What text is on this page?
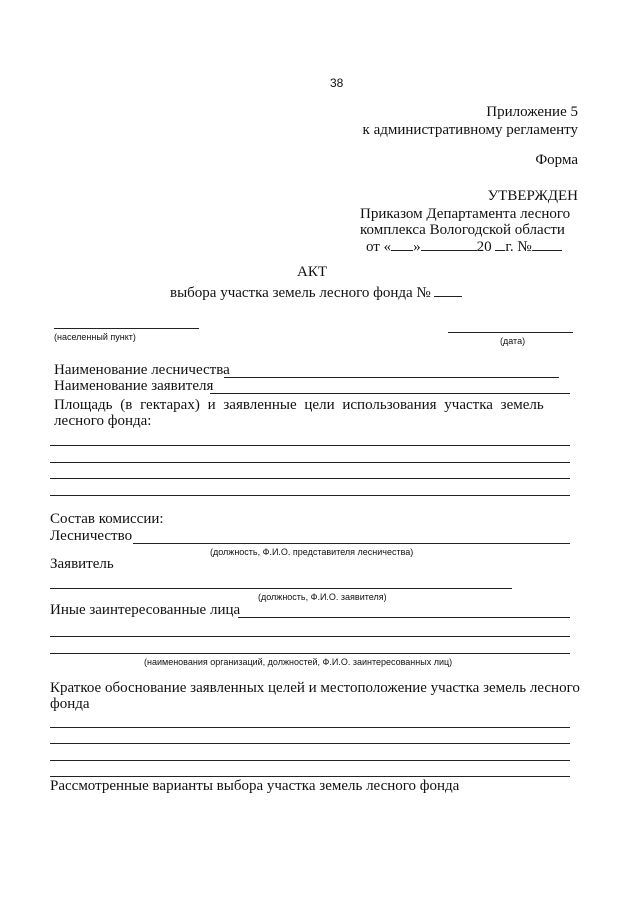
38
Приложение 5
к административному регламенту
Форма
УТВЕРЖДЕН
Приказом Департамента лесного
комплекса Вологодской области
от « »	20 г. №
АКТ
выбора участка земель лесного фонда №
(населенный пункт)	(дата)
Наименование лесничества
Наименование заявителя
Площадь (в гектарах) и заявленные цели использования участка земель
лесного фонда:
Состав комиссии:
Лесничество
(должность, Ф.И.О. представителя лесничества)
Заявитель
(должность, Ф.И.О. заявителя)
Иные заинтересованные лица
(наименования организаций, должностей, Ф.И.О. заинтересованных лиц)
Краткое обоснование заявленных целей и местоположение участка земель лесного
фонда
Рассмотренные варианты выбора участка земель лесного фонда
